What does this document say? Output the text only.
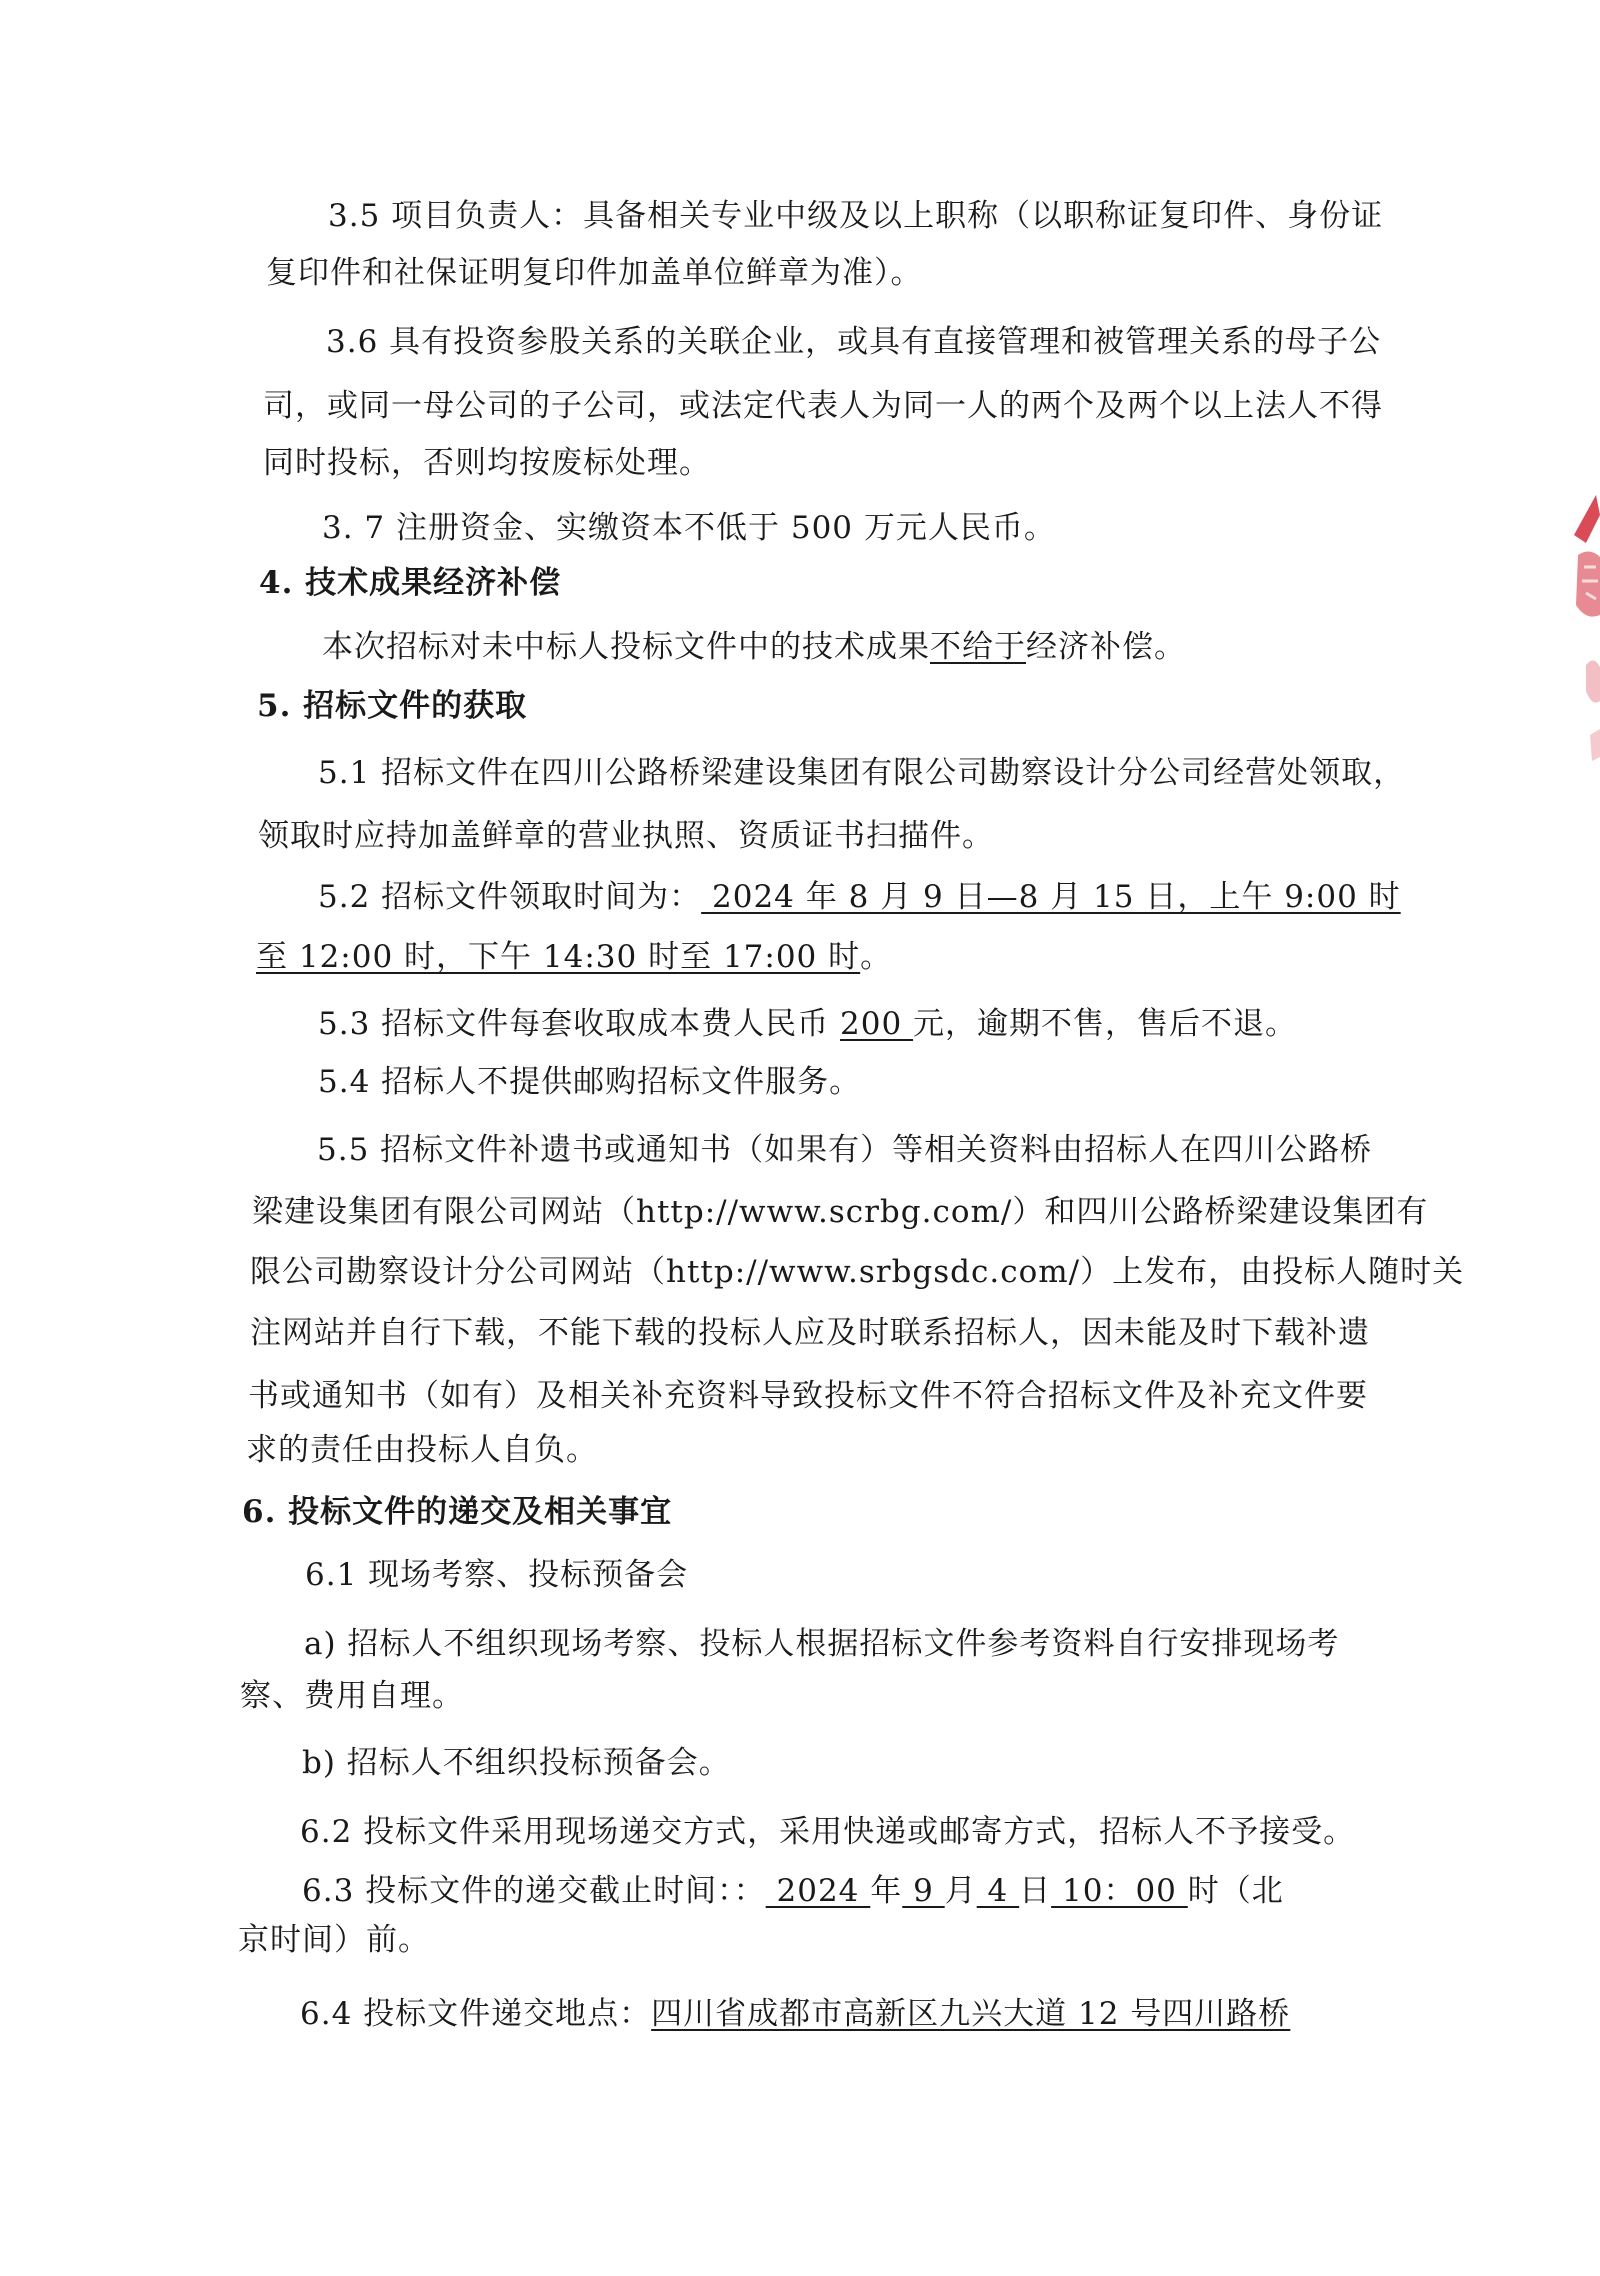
3.5 项目负责人：具备相关专业中级及以上职称（以职称证复印件、身份证
复印件和社保证明复印件加盖单位鲜章为准）。
3.6 具有投资参股关系的关联企业，或具有直接管理和被管理关系的母子公
司，或同一母公司的子公司，或法定代表人为同一人的两个及两个以上法人不得
同时投标，否则均按废标处理。
3. 7 注册资金、实缴资本不低于 500 万元人民币。
4. 技术成果经济补偿
本次招标对未中标人投标文件中的技术成果不给于经济补偿。
5. 招标文件的获取
5.1 招标文件在四川公路桥梁建设集团有限公司勘察设计分公司经营处领取，
领取时应持加盖鲜章的营业执照、资质证书扫描件。
5.2 招标文件领取时间为： 2024 年 8 月 9 日—8 月 15 日，上午 9:00 时
至 12:00 时，下午 14:30 时至 17:00 时。
5.3 招标文件每套收取成本费人民币 200 元，逾期不售，售后不退。
5.4 招标人不提供邮购招标文件服务。
5.5 招标文件补遗书或通知书（如果有）等相关资料由招标人在四川公路桥
梁建设集团有限公司网站（http://www.scrbg.com/）和四川公路桥梁建设集团有
限公司勘察设计分公司网站（http://www.srbgsdc.com/）上发布，由投标人随时关
注网站并自行下载，不能下载的投标人应及时联系招标人，因未能及时下载补遗
书或通知书（如有）及相关补充资料导致投标文件不符合招标文件及补充文件要
求的责任由投标人自负。
6. 投标文件的递交及相关事宜
6.1 现场考察、投标预备会
a) 招标人不组织现场考察、投标人根据招标文件参考资料自行安排现场考
察、费用自理。
b) 招标人不组织投标预备会。
6.2 投标文件采用现场递交方式，采用快递或邮寄方式，招标人不予接受。
6.3 投标文件的递交截止时间：： 2024 年 9 月 4 日 10：00 时（北
京时间）前。
6.4 投标文件递交地点：四川省成都市高新区九兴大道 12 号四川路桥
